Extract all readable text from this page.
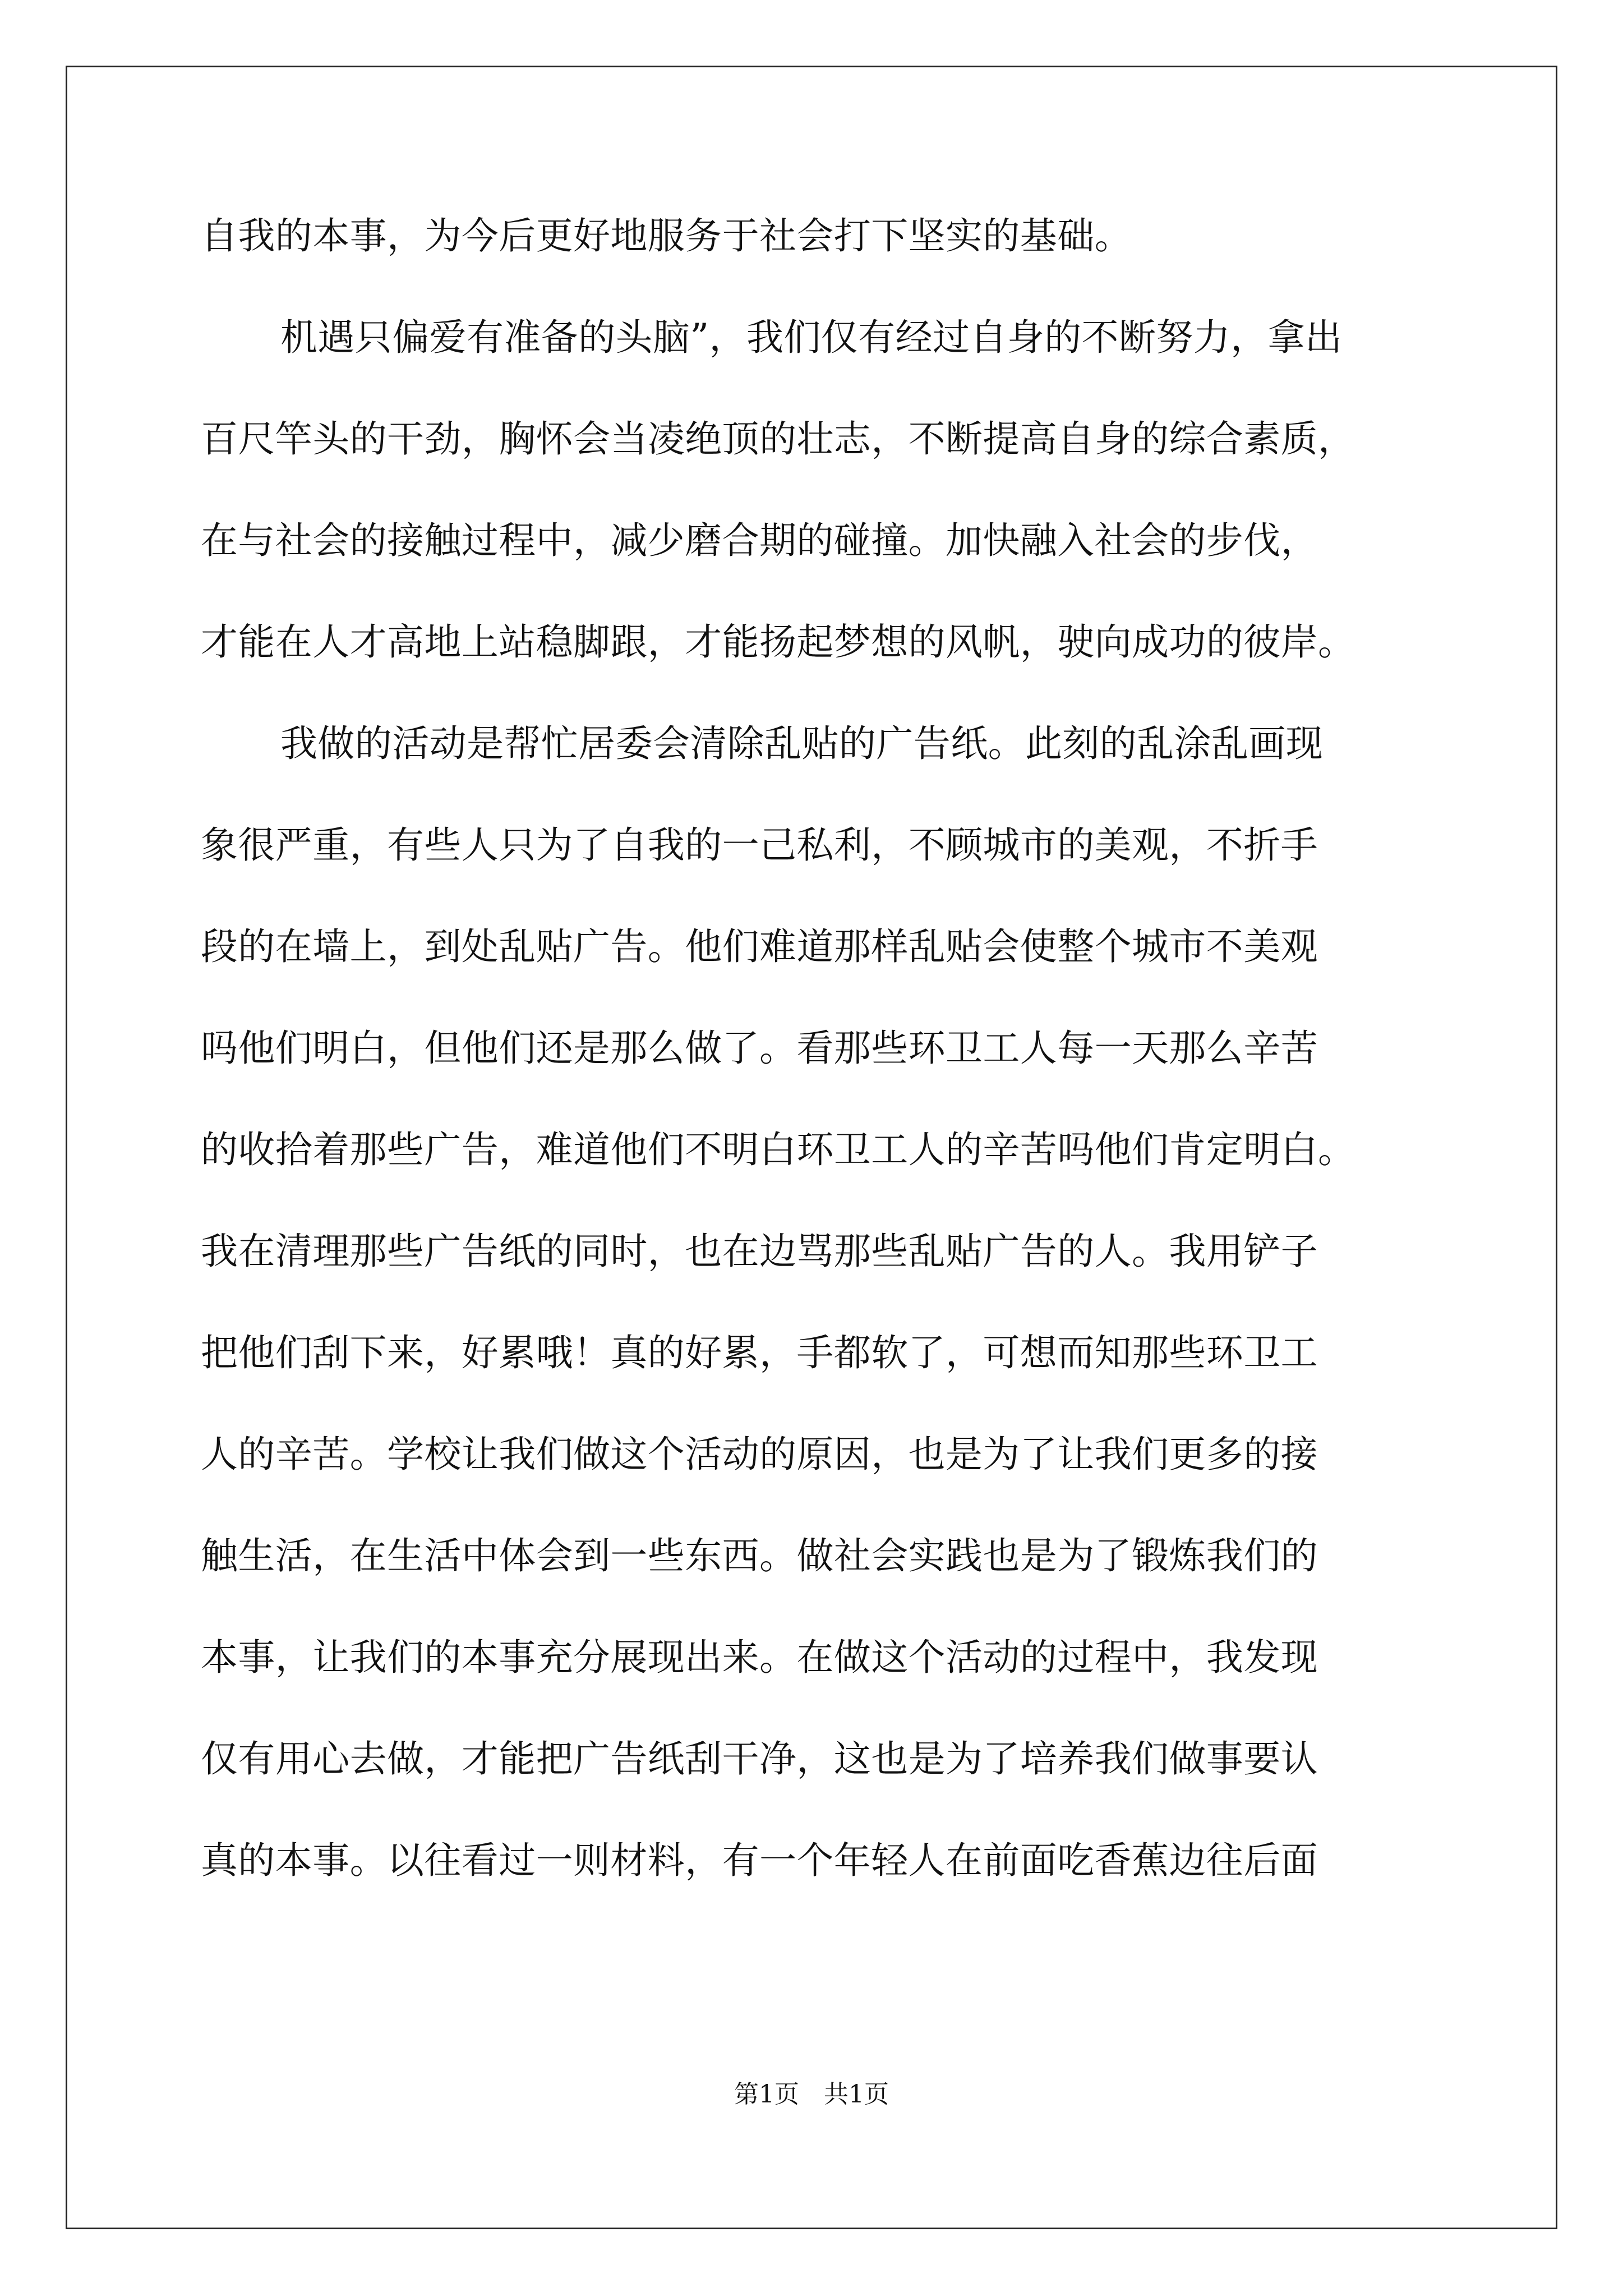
自我的本事，为今后更好地服务于社会打下坚实的基础。
机遇只偏爱有准备的头脑”，我们仅有经过自身的不断努力，拿出
百尺竿头的干劲，胸怀会当凌绝顶的壮志，不断提高自身的综合素质，
在与社会的接触过程中，减少磨合期的碰撞。加快融入社会的步伐，
才能在人才高地上站稳脚跟，才能扬起梦想的风帆，驶向成功的彼岸。
我做的活动是帮忙居委会清除乱贴的广告纸。此刻的乱涂乱画现
象很严重，有些人只为了自我的一己私利，不顾城市的美观，不折手
段的在墙上，到处乱贴广告。他们难道那样乱贴会使整个城市不美观
吗他们明白，但他们还是那么做了。看那些环卫工人每一天那么辛苦
的收拾着那些广告，难道他们不明白环卫工人的辛苦吗他们肯定明白。
我在清理那些广告纸的同时，也在边骂那些乱贴广告的人。我用铲子
把他们刮下来，好累哦！真的好累，手都软了，可想而知那些环卫工
人的辛苦。学校让我们做这个活动的原因，也是为了让我们更多的接
触生活，在生活中体会到一些东西。做社会实践也是为了锻炼我们的
本事，让我们的本事充分展现出来。在做这个活动的过程中，我发现
仅有用心去做，才能把广告纸刮干净，这也是为了培养我们做事要认
真的本事。以往看过一则材料，有一个年轻人在前面吃香蕉边往后面
第1页　共1页
